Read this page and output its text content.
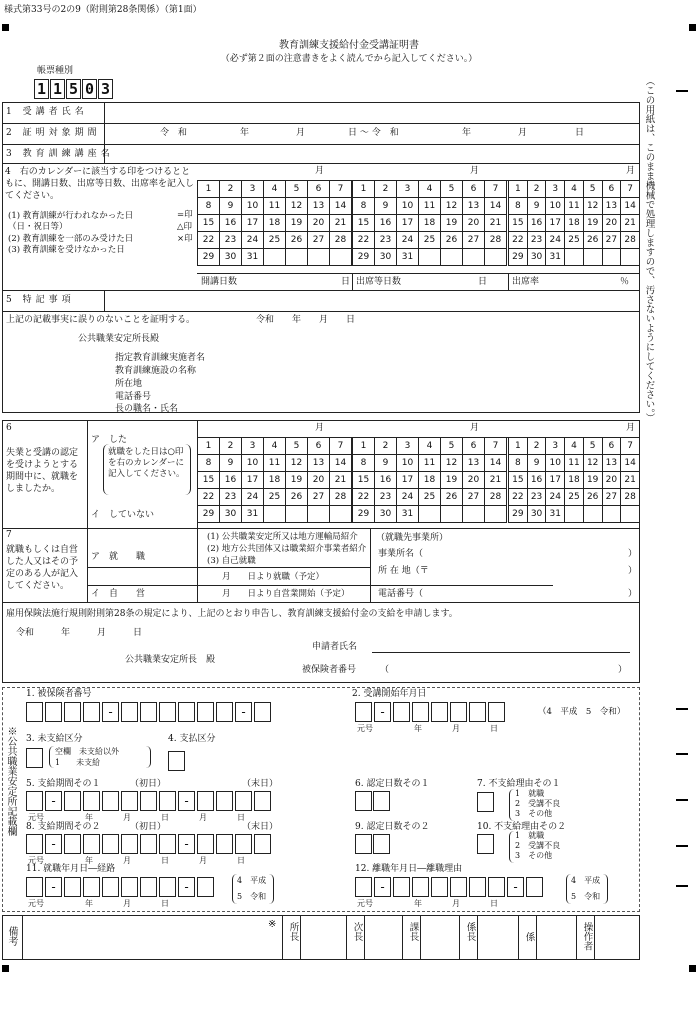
様式第33号の2の9（附則第28条関係）（第1面）
教育訓練支援給付金受講証明書
（必ず第２面の注意書きをよく読んでから記入してください。）
帳票種別
1 1 5 0 3	（この用紙は、このまま機械で処理しますので、汚さないようにしてください。）
1 受講者氏名
2 証明対象期間	令　和	年	月	日 ～ 令　和	年	月	日
3 教育訓練講座名
4　右のカレンダーに該当する印をつけるとともに、開講日数、出席等日数、出席率を記入してください。
(1) 教育訓練が行われなかった日（日・祝日等）
=印
(2) 教育訓練を一部のみ受けた日
△印
(3) 教育訓練を受けなかった日
×印
月
1	2	3	4	5	6	7
8	9	10	11	12	13	14
15	16	17	18	19	20	21
22	23	24	25	26	27	28
29	30	31				
月
1	2	3	4	5	6	7
8	9	10	11	12	13	14
15	16	17	18	19	20	21
22	23	24	25	26	27	28
29	30	31				
月
1	2	3	4	5	6	7
8	9	10	11	12	13	14
15	16	17	18	19	20	21
22	23	24	25	26	27	28
29	30	31				
開講日数	日 出席等日数	日	出席率	％
5 特記事項
上記の記載事実に誤りのないことを証明する。	令和　　年　　月　　日
公共職業安定所長殿
指定教育訓練実施者名
教育訓練施設の名称
所在地
電話番号
長の職名・氏名
6
失業と受講の認定を受けようとする期間中に、就職をしましたか。
ア　した
就職をした日は○印を右のカレンダーに記入してください。
イ　していない
月
1	2	3	4	5	6	7
8	9	10	11	12	13	14
15	16	17	18	19	20	21
22	23	24	25	26	27	28
29	30	31				
月
1	2	3	4	5	6	7
8	9	10	11	12	13	14
15	16	17	18	19	20	21
22	23	24	25	26	27	28
29	30	31				
月
1	2	3	4	5	6	7
8	9	10	11	12	13	14
15	16	17	18	19	20	21
22	23	24	25	26	27	28
29	30	31				
7
就職もしくは自営した人又はその予定のある人が記入してください。
ア　就　　職
イ　自　　営
(1) 公共職業安定所又は地方運輸局紹介
(2) 地方公共団体又は職業紹介事業者紹介
(3) 自己就職
月　　日より就職（予定）
月　　日より自営業開始（予定）
（就職先事業所）
事業所名（	）
所 在 地（〒	）
電話番号（	）
雇用保険法施行規則附則第28条の規定により、上記のとおり申告し、教育訓練支援給付金の支給を申請します。
令和　　　年　　　月　　　日
申請者氏名
公共職業安定所長　殿
被保険者番号	（	）
※公共職業安定所記載欄
1. 被保険者番号
-	-
2. 受講開始年月日
-
元号	年	月	日
（4　平成　5　令和）
3. 未支給区分
空欄　未支給以外
1　　未支給
4. 支払区分
5. 支給期間その１	（初日）	（末日）
-	-
元号	年	月	日	月	日
8. 支給期間その２	（初日）	（末日）
-	-
元号	年	月	日	月	日
6. 認定日数その１
9. 認定日数その２
7. 不支給理由その１
1　就職
2　受講不良
3　その他
10. 不支給理由その２
1　就職
2　受講不良
3　その他
11. 就職年月日―経路
-	-
元号	年	月	日
4　平成
5　令和
12. 離職年月日―離職理由
-	-
元号	年	月	日
4　平成
5　令和
備考
※ 所長	次長	課長	係長	係	操作者
